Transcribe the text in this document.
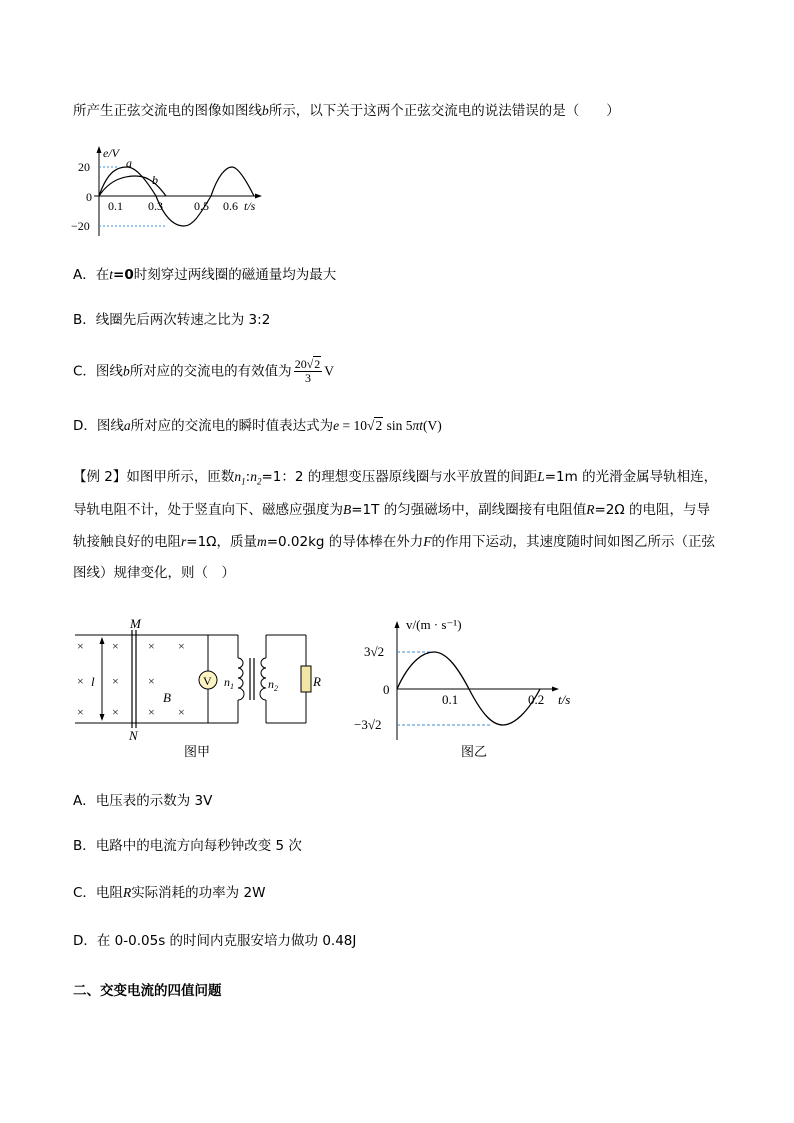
所产生正弦交流电的图像如图线b所示，以下关于这两个正弦交流电的说法错误的是（　　）
e/V
a
b
20
0
−20
0.1 0.3	0.5 0.6 t/s
A．在t=0时刻穿过两线圈的磁通量均为最大
B．线圈先后两次转速之比为 3:2
C．图线b所对应的交流电的有效值为 $\frac{20√2}{3}$ V
D．图线a所对应的交流电的瞬时值表达式为e = 10√2 sin 5πt(V)
【例 2】如图甲所示，匝数$n_1:n_2=1$：2 的理想变压器原线圈与水平放置的间距L=1m 的光滑金属导轨相连，
导轨电阻不计，处于竖直向下、磁感应强度为B=1T 的匀强磁场中，副线圈接有电阻值R=2Ω 的电阻，与导
轨接触良好的电阻r=1Ω，质量m=0.02kg 的导体棒在外力F的作用下运动，其速度随时间如图乙所示（正弦
图线）规律变化，则（　）
V
× × × ×
× × ×
× × × ×
M
N
l
B
$n_1$	$n_2$	R
图甲
v/(m · s⁻¹)
3√2
0
−3√2
0.1	0.2 t/s
图乙
A．电压表的示数为 3V
B．电路中的电流方向每秒钟改变 5 次
C．电阻R实际消耗的功率为 2W
D．在 0-0.05s 的时间内克服安培力做功 0.48J
二、交变电流的四值问题
